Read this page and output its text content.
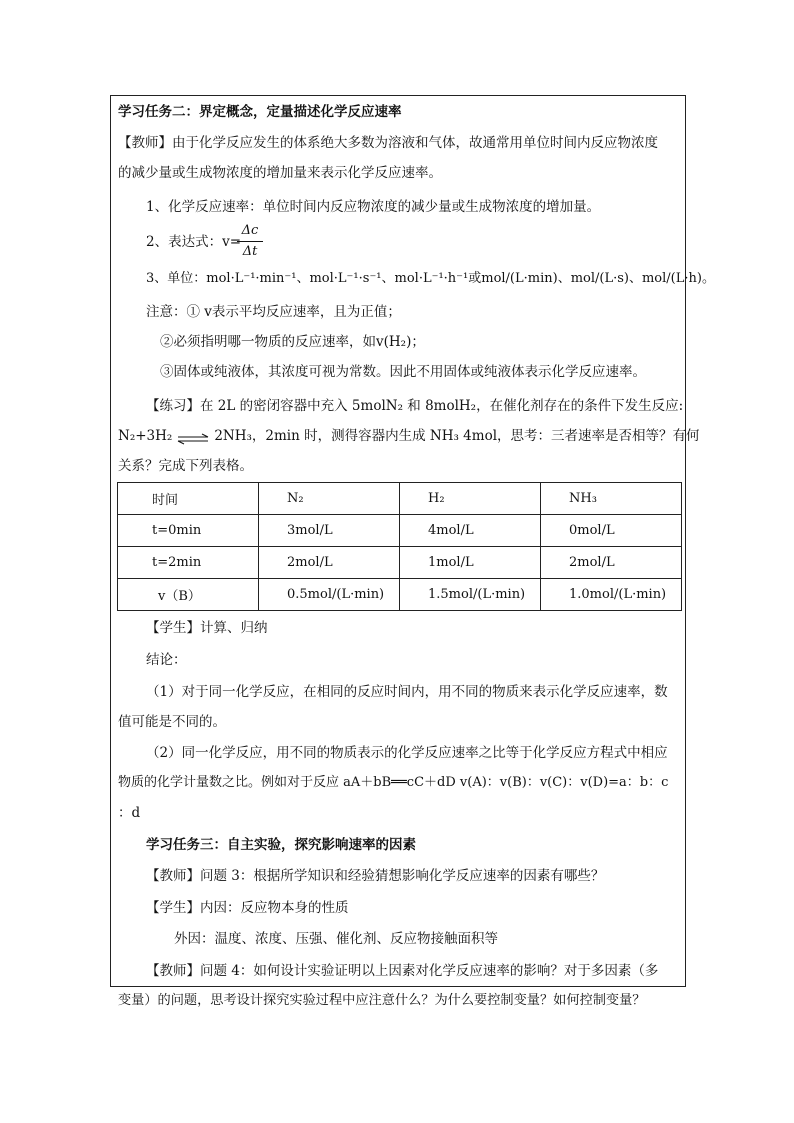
学习任务二：界定概念，定量描述化学反应速率
【教师】由于化学反应发生的体系绝大多数为溶液和气体，故通常用单位时间内反应物浓度
的减少量或生成物浓度的增加量来表示化学反应速率。
1、化学反应速率：单位时间内反应物浓度的减少量或生成物浓度的增加量。
2、表达式：v=
Δc
Δt
3、单位：mol·L⁻¹·min⁻¹、mol·L⁻¹·s⁻¹、mol·L⁻¹·h⁻¹或mol/(L·min)、mol/(L·s)、mol/(L·h)。
注意：① v表示平均反应速率，且为正值；
②必须指明哪一物质的反应速率，如v(H₂)；
③固体或纯液体，其浓度可视为常数。因此不用固体或纯液体表示化学反应速率。
【练习】在 2L 的密闭容器中充入 5molN₂ 和 8molH₂，在催化剂存在的条件下发生反应:
N₂+3H₂ ⇌ 2NH₃，2min 时，测得容器内生成 NH₃ 4mol，思考：三者速率是否相等？有何
关系？完成下列表格。
时间	N₂	H₂	NH₃
t=0min	3mol/L	4mol/L	0mol/L
t=2min	2mol/L	1mol/L	2mol/L
v（B）	0.5mol/(L·min)	1.5mol/(L·min)	1.0mol/(L·min)
【学生】计算、归纳
结论：
（1）对于同一化学反应，在相同的反应时间内，用不同的物质来表示化学反应速率，数
值可能是不同的。
（2）同一化学反应，用不同的物质表示的化学反应速率之比等于化学反应方程式中相应
物质的化学计量数之比。例如对于反应 aA＋bB══cC＋dD v(A)：v(B)：v(C)：v(D)=a：b：c
：d
学习任务三：自主实验，探究影响速率的因素
【教师】问题 3：根据所学知识和经验猜想影响化学反应速率的因素有哪些？
【学生】内因：反应物本身的性质
外因：温度、浓度、压强、催化剂、反应物接触面积等
【教师】问题 4：如何设计实验证明以上因素对化学反应速率的影响？对于多因素（多
变量）的问题，思考设计探究实验过程中应注意什么？为什么要控制变量？如何控制变量？
